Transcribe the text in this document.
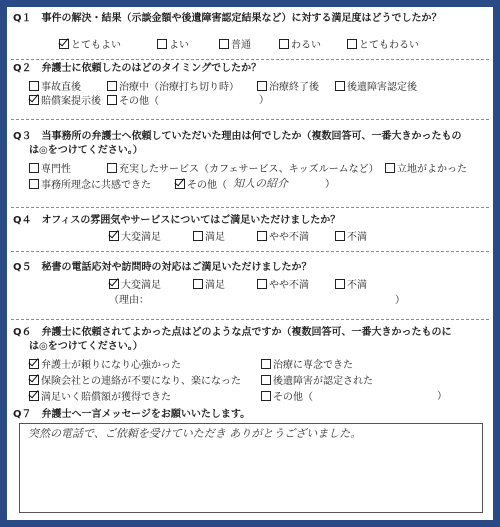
Q１　事件の解決・結果（示談金額や後遺障害認定結果など）に対する満足度はどうでしたか？
とてもよい	よい	普通	わるい	とてもわるい
Q２　弁護士に依頼したのはどのタイミングでしたか？
事故直後	治療中（治療打ち切り時）	治療終了後	後遺障害認定後
賠償案提示後	その他（	）
Q３　当事務所の弁護士へ依頼していただいた理由は何でしたか（複数回答可、一番大きかったもの
は◎をつけてください。）
専門性	充実したサービス（カフェサービス、キッズルームなど）	立地がよかった
事務所理念に共感できた	その他（ 知人の紹介	）
Q４　オフィスの雰囲気やサービスについてはご満足いただけましたか？
大変満足	満足	やや不満	不満
Q５　秘書の電話応対や訪問時の対応はご満足いただけましたか？
大変満足	満足	やや不満	不満
（理由：	）
Q６　弁護士に依頼されてよかった点はどのような点ですか（複数回答可、一番大きかったものに
は◎をつけてください。）
弁護士が頼りになり心強かった	治療に専念できた
保険会社との連絡が不要になり、楽になった	後遺障害が認定された
満足いく賠償額が獲得できた	その他（	）
Q７　弁護士へ一言メッセージをお願いいたします。
突然の電話で、ご依頼を受けていただき ありがとうございました。
